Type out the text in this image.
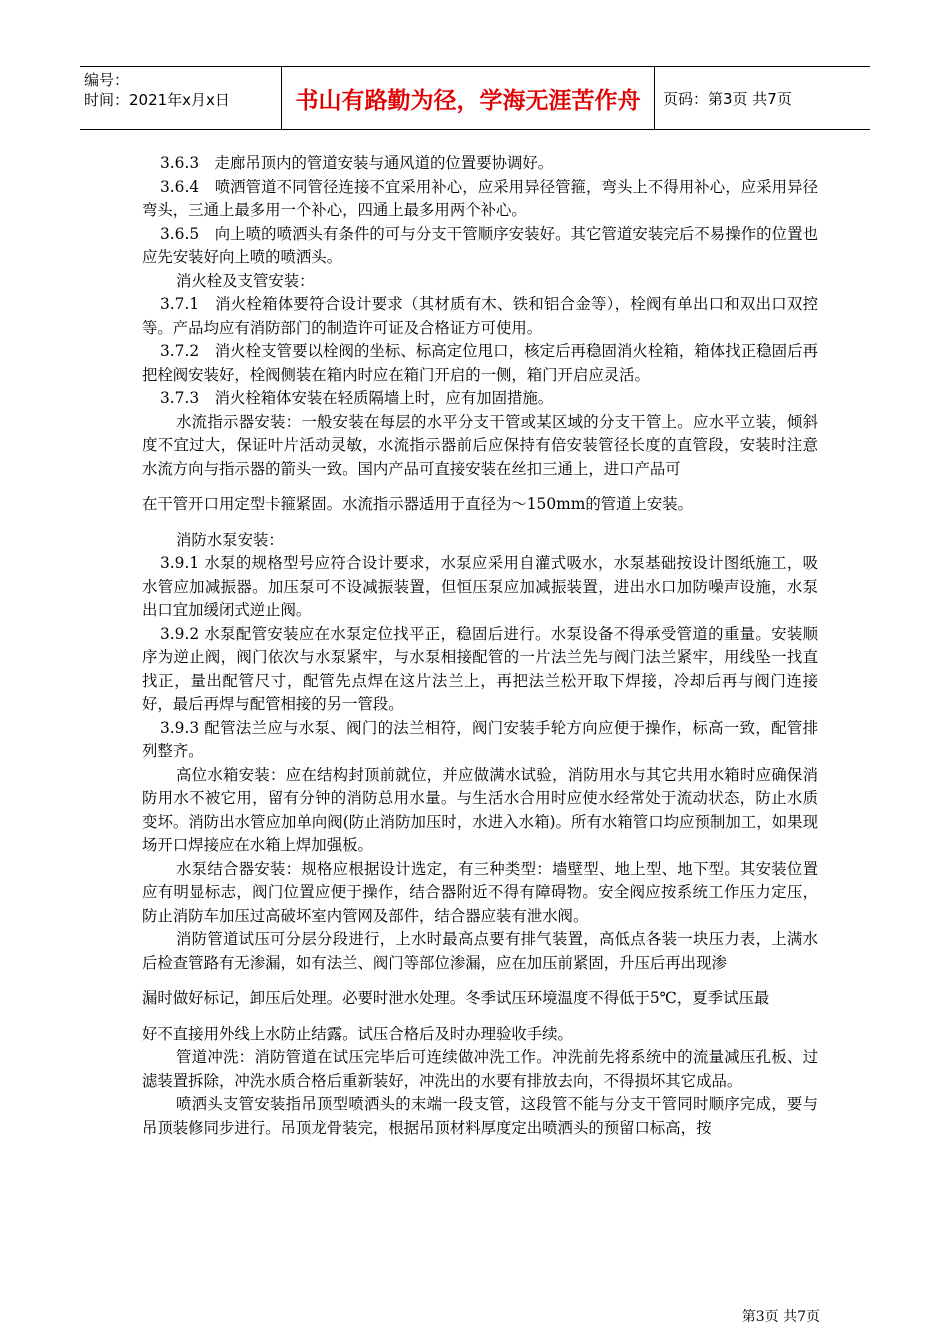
编号：
时间：2021年x月x日	书山有路勤为径，学海无涯苦作舟	页码：第3页 共7页

3.6.3　走廊吊顶内的管道安装与通风道的位置要协调好。

3.6.4　喷洒管道不同管径连接不宜采用补心，应采用异径管箍，弯头上不得用补心，应采用异径弯头，三通上最多用一个补心，四通上最多用两个补心。

3.6.5　向上喷的喷洒头有条件的可与分支干管顺序安装好。其它管道安装完后不易操作的位置也应先安装好向上喷的喷洒头。

消火栓及支管安装：

3.7.1　消火栓箱体要符合设计要求（其材质有木、铁和铝合金等），栓阀有单出口和双出口双控等。产品均应有消防部门的制造许可证及合格证方可使用。

3.7.2　消火栓支管要以栓阀的坐标、标高定位甩口，核定后再稳固消火栓箱，箱体找正稳固后再把栓阀安装好，栓阀侧装在箱内时应在箱门开启的一侧，箱门开启应灵活。

3.7.3　消火栓箱体安装在轻质隔墙上时，应有加固措施。

水流指示器安装：一般安装在每层的水平分支干管或某区域的分支干管上。应水平立装，倾斜度不宜过大，保证叶片活动灵敏，水流指示器前后应保持有倍安装管径长度的直管段，安装时注意水流方向与指示器的箭头一致。国内产品可直接安装在丝扣三通上，进口产品可

在干管开口用定型卡箍紧固。水流指示器适用于直径为～150mm的管道上安装。

消防水泵安装：

3.9.1 水泵的规格型号应符合设计要求，水泵应采用自灌式吸水，水泵基础按设计图纸施工，吸水管应加减振器。加压泵可不设减振装置，但恒压泵应加减振装置，进出水口加防噪声设施，水泵出口宜加缓闭式逆止阀。

3.9.2 水泵配管安装应在水泵定位找平正，稳固后进行。水泵设备不得承受管道的重量。安装顺序为逆止阀，阀门依次与水泵紧牢，与水泵相接配管的一片法兰先与阀门法兰紧牢，用线坠一找直找正，量出配管尺寸，配管先点焊在这片法兰上，再把法兰松开取下焊接，冷却后再与阀门连接好，最后再焊与配管相接的另一管段。

3.9.3 配管法兰应与水泵、阀门的法兰相符，阀门安装手轮方向应便于操作，标高一致，配管排列整齐。

高位水箱安装：应在结构封顶前就位，并应做满水试验，消防用水与其它共用水箱时应确保消防用水不被它用，留有分钟的消防总用水量。与生活水合用时应使水经常处于流动状态，防止水质变坏。消防出水管应加单向阀(防止消防加压时，水进入水箱)。所有水箱管口均应预制加工，如果现场开口焊接应在水箱上焊加强板。

水泵结合器安装：规格应根据设计选定，有三种类型：墙壁型、地上型、地下型。其安装位置应有明显标志，阀门位置应便于操作，结合器附近不得有障碍物。安全阀应按系统工作压力定压，防止消防车加压过高破坏室内管网及部件，结合器应装有泄水阀。

消防管道试压可分层分段进行，上水时最高点要有排气装置，高低点各装一块压力表，上满水后检查管路有无渗漏，如有法兰、阀门等部位渗漏，应在加压前紧固，升压后再出现渗

漏时做好标记，卸压后处理。必要时泄水处理。冬季试压环境温度不得低于5℃，夏季试压最

好不直接用外线上水防止结露。试压合格后及时办理验收手续。

管道冲洗：消防管道在试压完毕后可连续做冲洗工作。冲洗前先将系统中的流量减压孔板、过滤装置拆除，冲洗水质合格后重新装好，冲洗出的水要有排放去向，不得损坏其它成品。

喷洒头支管安装指吊顶型喷洒头的末端一段支管，这段管不能与分支干管同时顺序完成，要与吊顶装修同步进行。吊顶龙骨装完，根据吊顶材料厚度定出喷洒头的预留口标高，按

第3页 共7页
